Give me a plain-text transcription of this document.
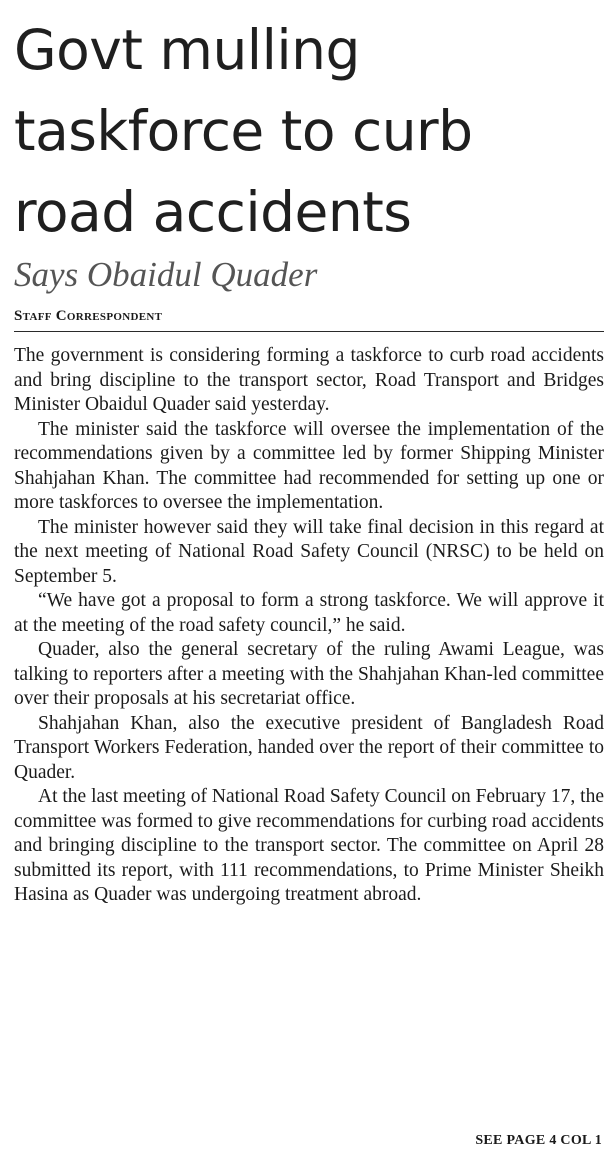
Govt mulling
taskforce to curb
road accidents
Says Obaidul Quader
Staff Correspondent

The government is considering forming a taskforce to curb road accidents and bring discipline to the transport sector, Road Transport and Bridges Minister Obaidul Quader said yesterday.

The minister said the taskforce will oversee the implementation of the recommendations given by a committee led by former Shipping Minister Shahjahan Khan. The committee had recommended for setting up one or more taskforces to oversee the implementation.

The minister however said they will take final decision in this regard at the next meeting of National Road Safety Council (NRSC) to be held on September 5.

“We have got a proposal to form a strong taskforce. We will approve it at the meeting of the road safety council,” he said.

Quader, also the general secretary of the ruling Awami League, was talking to reporters after a meeting with the Shahjahan Khan-led committee over their proposals at his secretariat office.

Shahjahan Khan, also the executive president of Bangladesh Road Transport Workers Federation, handed over the report of their committee to Quader.

At the last meeting of National Road Safety Council on February 17, the committee was formed to give recommendations for curbing road accidents and bringing discipline to the transport sector. The committee on April 28 submitted its report, with 111 recommendations, to Prime Minister Sheikh Hasina as Quader was undergoing treatment abroad.

SEE PAGE 4 COL 1
